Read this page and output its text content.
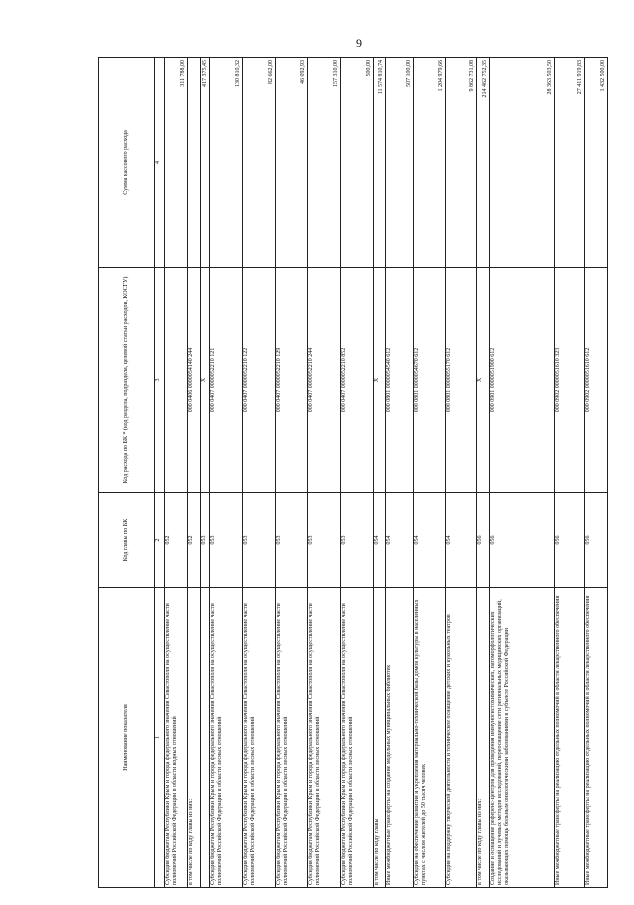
9
Наименование показателя	Код главы по БК	Код расхода по БК * (код раздела, подраздела, целевой статьи расходов, КОСГУ)	Сумма кассового расхода
1	2	3	4
Субсидия бюджетам Республики Крым и города федерального значения Севастополя на осуществление части полномочий Российской Федерации в области водных отношений	052		311 788,00
в том числе по коду главы из них:	052	000 0406 0000054140 244	
	053	X	417 375,45
Субсидия бюджетам Республики Крым и города федерального значения Севастополя на осуществление части полномочий Российской Федерации в области лесных отношений	053	000 0407 0000052210 121	130 810,32
Субсидия бюджетам Республики Крым и города федерального значения Севастополя на осуществление части полномочий Российской Федерации в области лесных отношений	053	000 0407 0000052210 122	82 662,00
Субсидия бюджетам Республики Крым и города федерального значения Севастополя на осуществление части полномочий Российской Федерации в области лесных отношений	053	000 0407 0000052210 129	46 092,93
Субсидия бюджетам Республики Крым и города федерального значения Севастополя на осуществление части полномочий Российской Федерации в области лесных отношений	053	000 0407 0000052210 244	157 310,00
Субсидия бюджетам Республики Крым и города федерального значения Севастополя на осуществление части полномочий Российской Федерации в области лесных отношений	053	000 0407 0000052210 852	500,00
в том числе по коду главы	054	X	11 574 810,74
Иные межбюджетные трансферты на создание модельных муниципальных библиотек	054	000 0801 0000054540 612	507 100,00
Субсидия на обеспечение развития и укрепления материально-технической базы домов культуры в населенных пунктах с числом жителей до 50 тысяч человек	054	000 0801 0000054670 612	1 204 979,66
Субсидия на поддержку творческой деятельности и техническое оснащение детских и кукольных театров	054	000 0801 0000055170 612	9 862 731,08
в том числе по коду главы из них:	056	X	214 462 752,35
Создание и оснащение референс-центров для проведения иммуногистохимических, патоморфологических исследований и лучевых методов исследований, переоснащение сети региональных медицинских организаций, оказывающих помощь больным онкологическими заболеваниями в субъекте Российской Федерации	056	000 0901 0000051900 612	28 363 503,50
Иные межбюджетные трансферты на реализацию отдельных полномочий в области лекарственного обеспечения	056	000 0902 0000051610 323	27 411 919,83
Иные межбюджетные трансферты на реализацию отдельных полномочий в области лекарственного обеспечения	056	000 0902 0000051610 612	1 432 500,00
